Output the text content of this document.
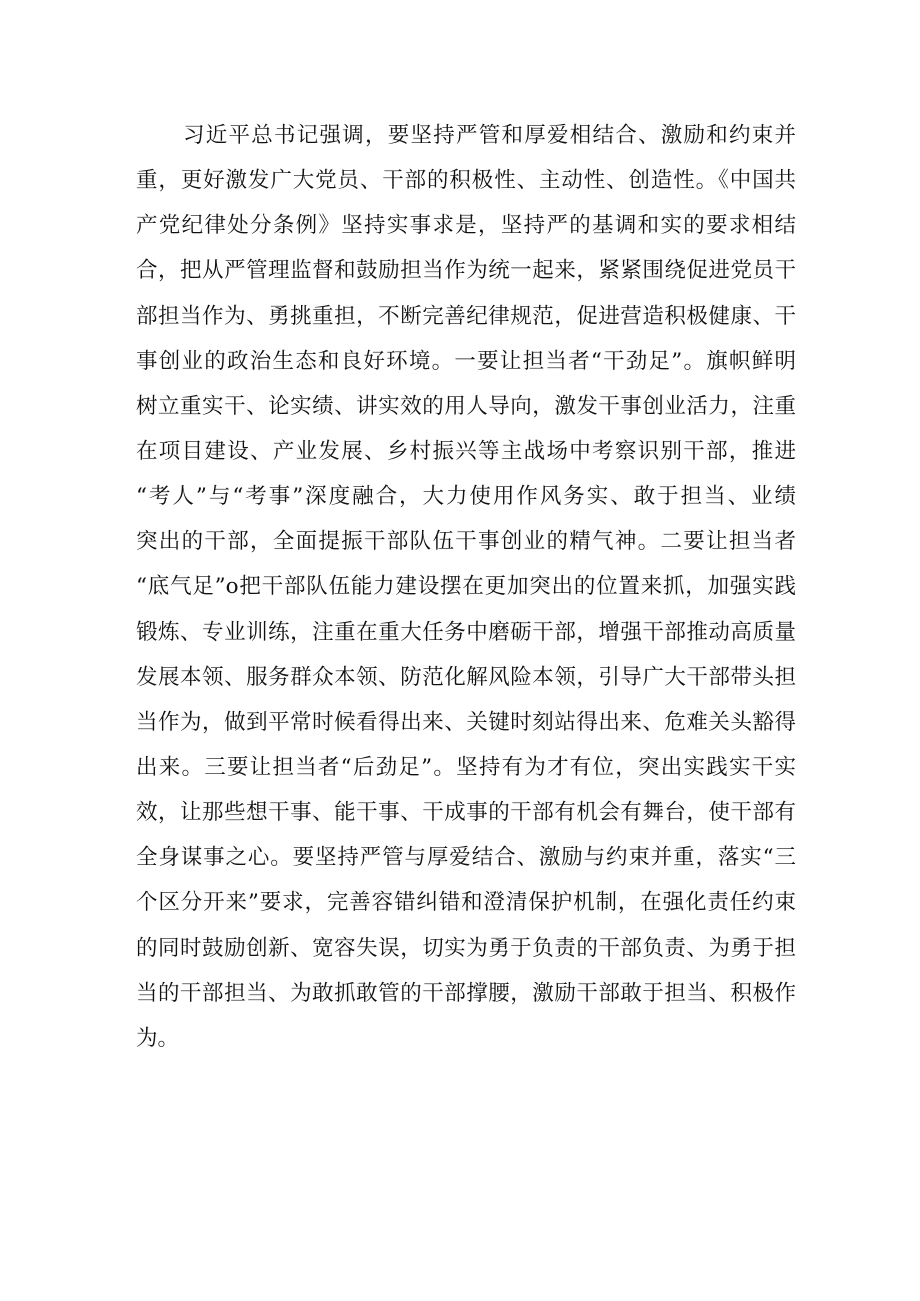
习近平总书记强调，要坚持严管和厚爱相结合、激励和约束并
重，更好激发广大党员、干部的积极性、主动性、创造性。《中国共
产党纪律处分条例》坚持实事求是，坚持严的基调和实的要求相结
合，把从严管理监督和鼓励担当作为统一起来，紧紧围绕促进党员干
部担当作为、勇挑重担，不断完善纪律规范，促进营造积极健康、干
事创业的政治生态和良好环境。一要让担当者“干劲足”。旗帜鲜明
树立重实干、论实绩、讲实效的用人导向，激发干事创业活力，注重
在项目建设、产业发展、乡村振兴等主战场中考察识别干部，推进
“考人”与“考事”深度融合，大力使用作风务实、敢于担当、业绩
突出的干部，全面提振干部队伍干事创业的精气神。二要让担当者
“底气足”o把干部队伍能力建设摆在更加突出的位置来抓，加强实践
锻炼、专业训练，注重在重大任务中磨砺干部，增强干部推动高质量
发展本领、服务群众本领、防范化解风险本领，引导广大干部带头担
当作为，做到平常时候看得出来、关键时刻站得出来、危难关头豁得
出来。三要让担当者“后劲足”。坚持有为才有位，突出实践实干实
效，让那些想干事、能干事、干成事的干部有机会有舞台，使干部有
全身谋事之心。要坚持严管与厚爱结合、激励与约束并重，落实“三
个区分开来”要求，完善容错纠错和澄清保护机制，在强化责任约束
的同时鼓励创新、宽容失误，切实为勇于负责的干部负责、为勇于担
当的干部担当、为敢抓敢管的干部撑腰，激励干部敢于担当、积极作
为。
